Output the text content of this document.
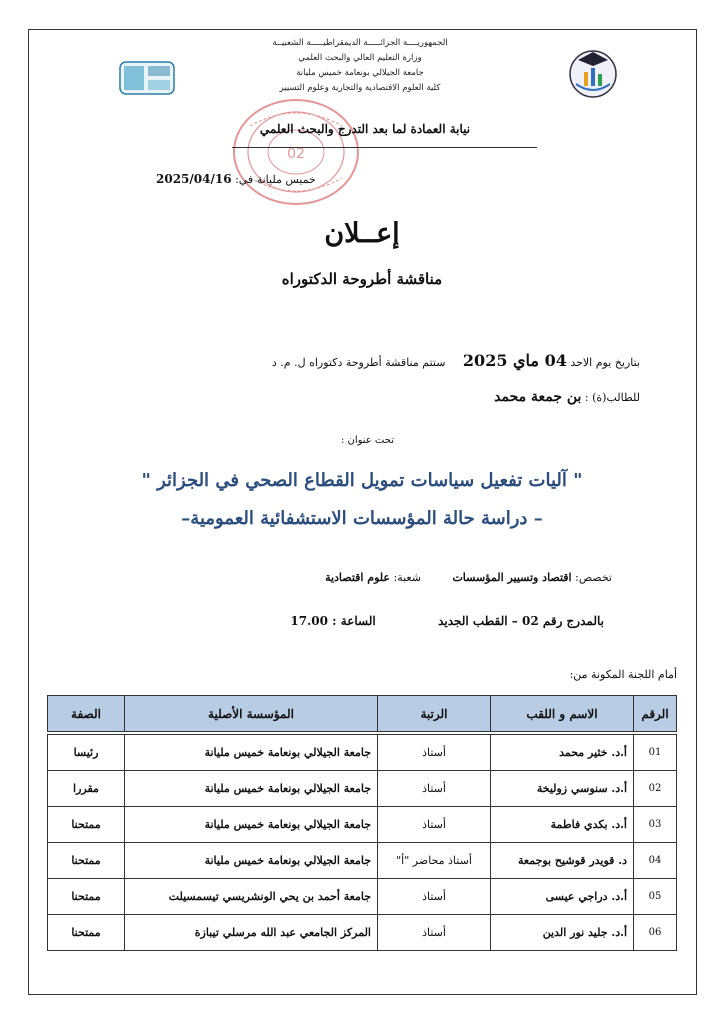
02
الجمهوريــــة الجزائـــــة الديمقراطيـــــة الشعبيــة
وزارة التعليم العالي والبحث العلمي
جامعة الجيلالي بونعامة خميس مليانة
كلية العلوم الاقتصادية والتجارية وعلوم التسيير
نيابة العمادة لما بعد التدرج والبحث العلمي
خميس مليانة في: 2025/04/16
إعــلان
مناقشة أطروحة الدكتوراه
بتاريخ يوم الاحد 04 ماي 2025     ستتم مناقشة أطروحة دكتوراه ل. م. د
للطالب(ة) : بن جمعة محمد
تحت عنوان :
" آليات تفعيل سياسات تمويل القطاع الصحي في الجزائر "
– دراسة حالة المؤسسات الاستشفائية العمومية–
تخصص: اقتصاد وتسيير المؤسسات         شعبة: علوم اقتصادية
بالمدرج رقم 02 – القطب الجديد  الساعة : 17.00
أمام اللجنة المكونة من:
الرقم	الاسم و اللقب	الرتبة	المؤسسة الأصلية	الصفة

01	أ.د. خثير محمد	أستاذ	جامعة الجيلالي بونعامة خميس مليانة	رئيسا
02	أ.د. سنوسي زوليخة	أستاذ	جامعة الجيلالي بونعامة خميس مليانة	مقررا
03	أ.د. بكدي فاطمة	أستاذ	جامعة الجيلالي بونعامة خميس مليانة	ممتحنا
04	د. قويدر قوشيح بوجمعة	أستاذ محاضر "أ"	جامعة الجيلالي بونعامة خميس مليانة	ممتحنا
05	أ.د. دراجي عيسى	أستاذ	جامعة أحمد بن يحي الونشريسي تيسمسيلت	ممتحنا
06	أ.د. جليد نور الدين	أستاذ	المركز الجامعي عبد الله مرسلي تيبازة	ممتحنا
